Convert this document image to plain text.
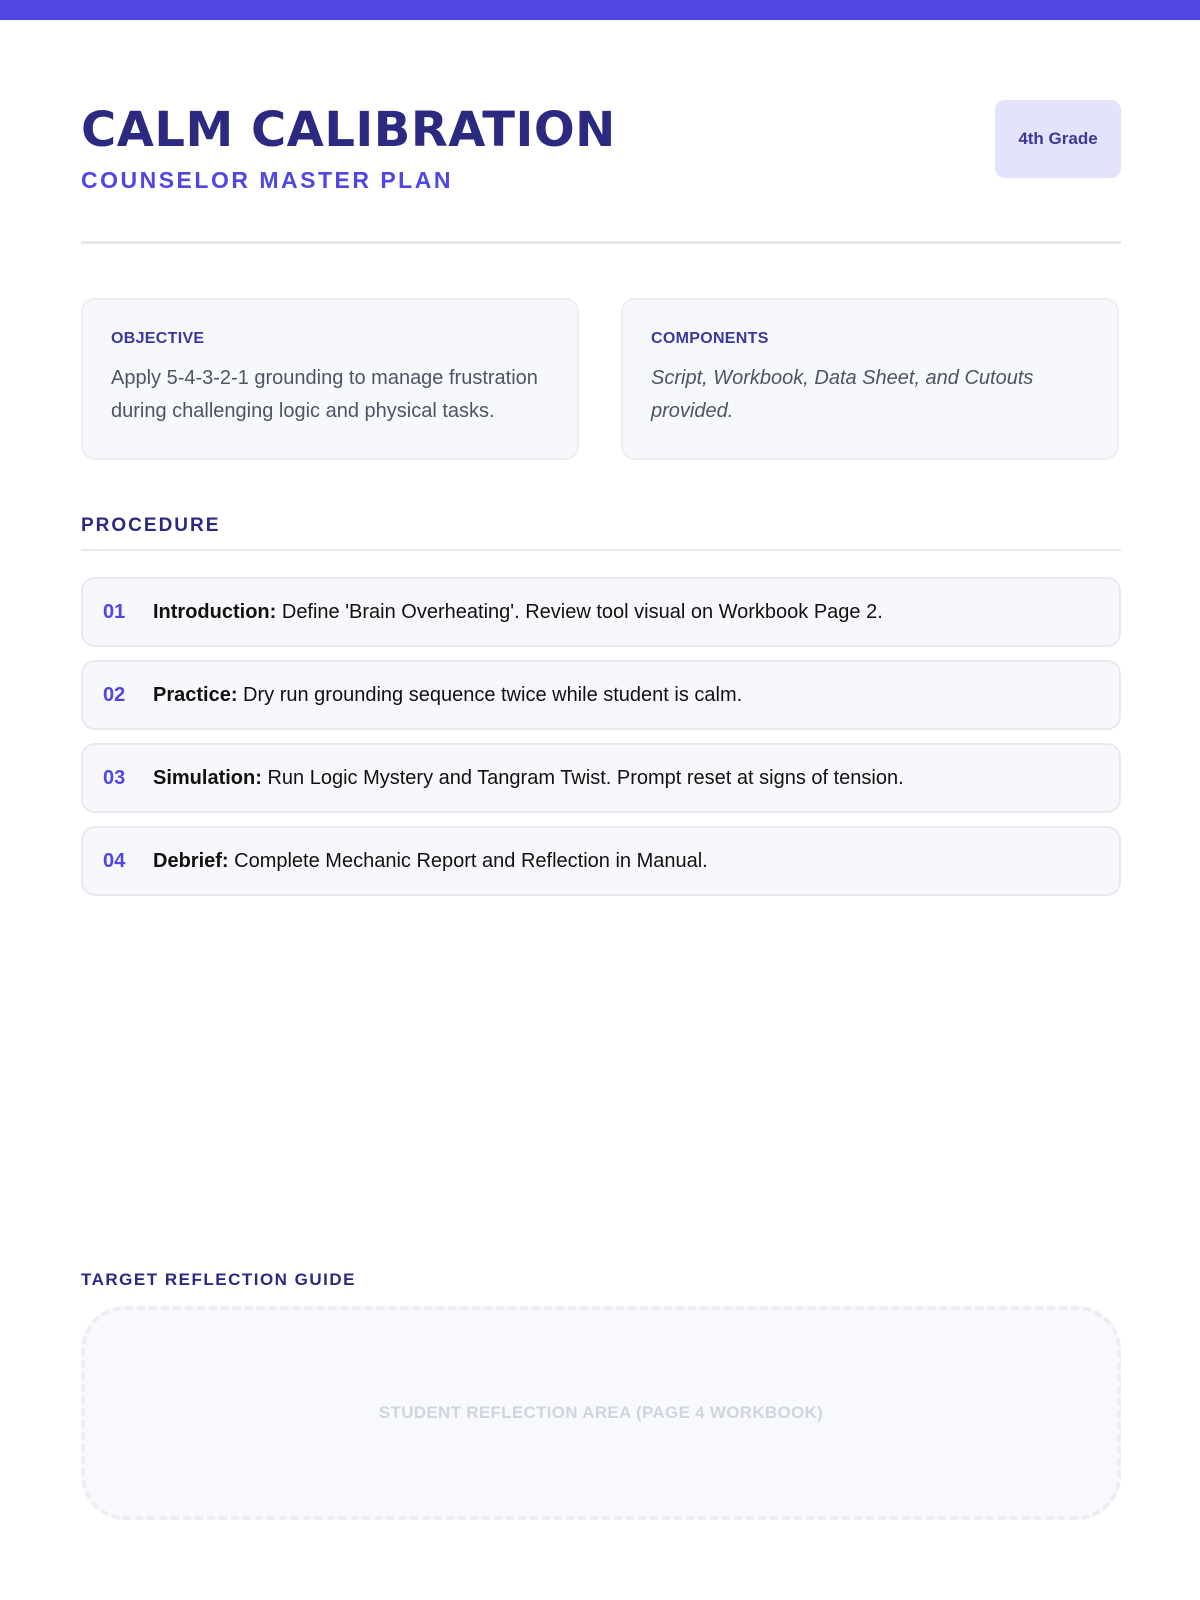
CALM CALIBRATION
COUNSELOR MASTER PLAN
4th Grade
OBJECTIVE
Apply 5-4-3-2-1 grounding to manage frustration during challenging logic and physical tasks.
COMPONENTS
Script, Workbook, Data Sheet, and Cutouts provided.
PROCEDURE
01 Introduction: Define 'Brain Overheating'. Review tool visual on Workbook Page 2.
02 Practice: Dry run grounding sequence twice while student is calm.
03 Simulation: Run Logic Mystery and Tangram Twist. Prompt reset at signs of tension.
04 Debrief: Complete Mechanic Report and Reflection in Manual.
TARGET REFLECTION GUIDE
STUDENT REFLECTION AREA (PAGE 4 WORKBOOK)
